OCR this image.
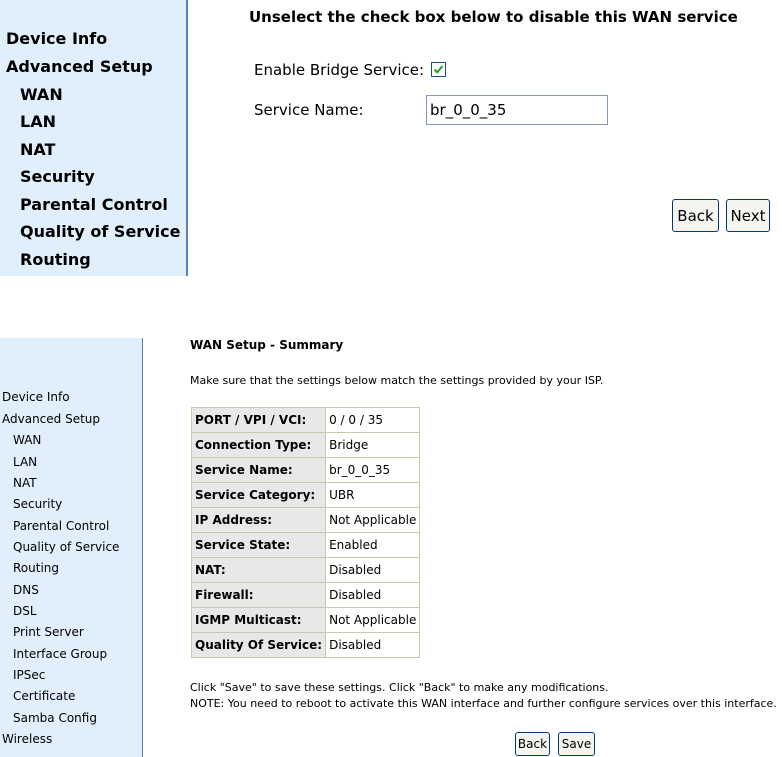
Device Info
Advanced Setup
WAN
LAN
NAT
Security
Parental Control
Quality of Service
Routing
Unselect the check box below to disable this WAN service
Enable Bridge Service:
Service Name:
br_0_0_35
Back	Next
Device Info
Advanced Setup
WAN
LAN
NAT
Security
Parental Control
Quality of Service
Routing
DNS
DSL
Print Server
Interface Group
IPSec
Certificate
Samba Config
Wireless
WAN Setup - Summary
Make sure that the settings below match the settings provided by your ISP.
PORT / VPI / VCI:	0 / 0 / 35
Connection Type:	Bridge
Service Name:	br_0_0_35
Service Category:	UBR
IP Address:	Not Applicable
Service State:	Enabled
NAT:	Disabled
Firewall:	Disabled
IGMP Multicast:	Not Applicable
Quality Of Service:	Disabled
Click "Save" to save these settings. Click "Back" to make any modifications.
NOTE: You need to reboot to activate this WAN interface and further configure services over this interface.
Back	Save
